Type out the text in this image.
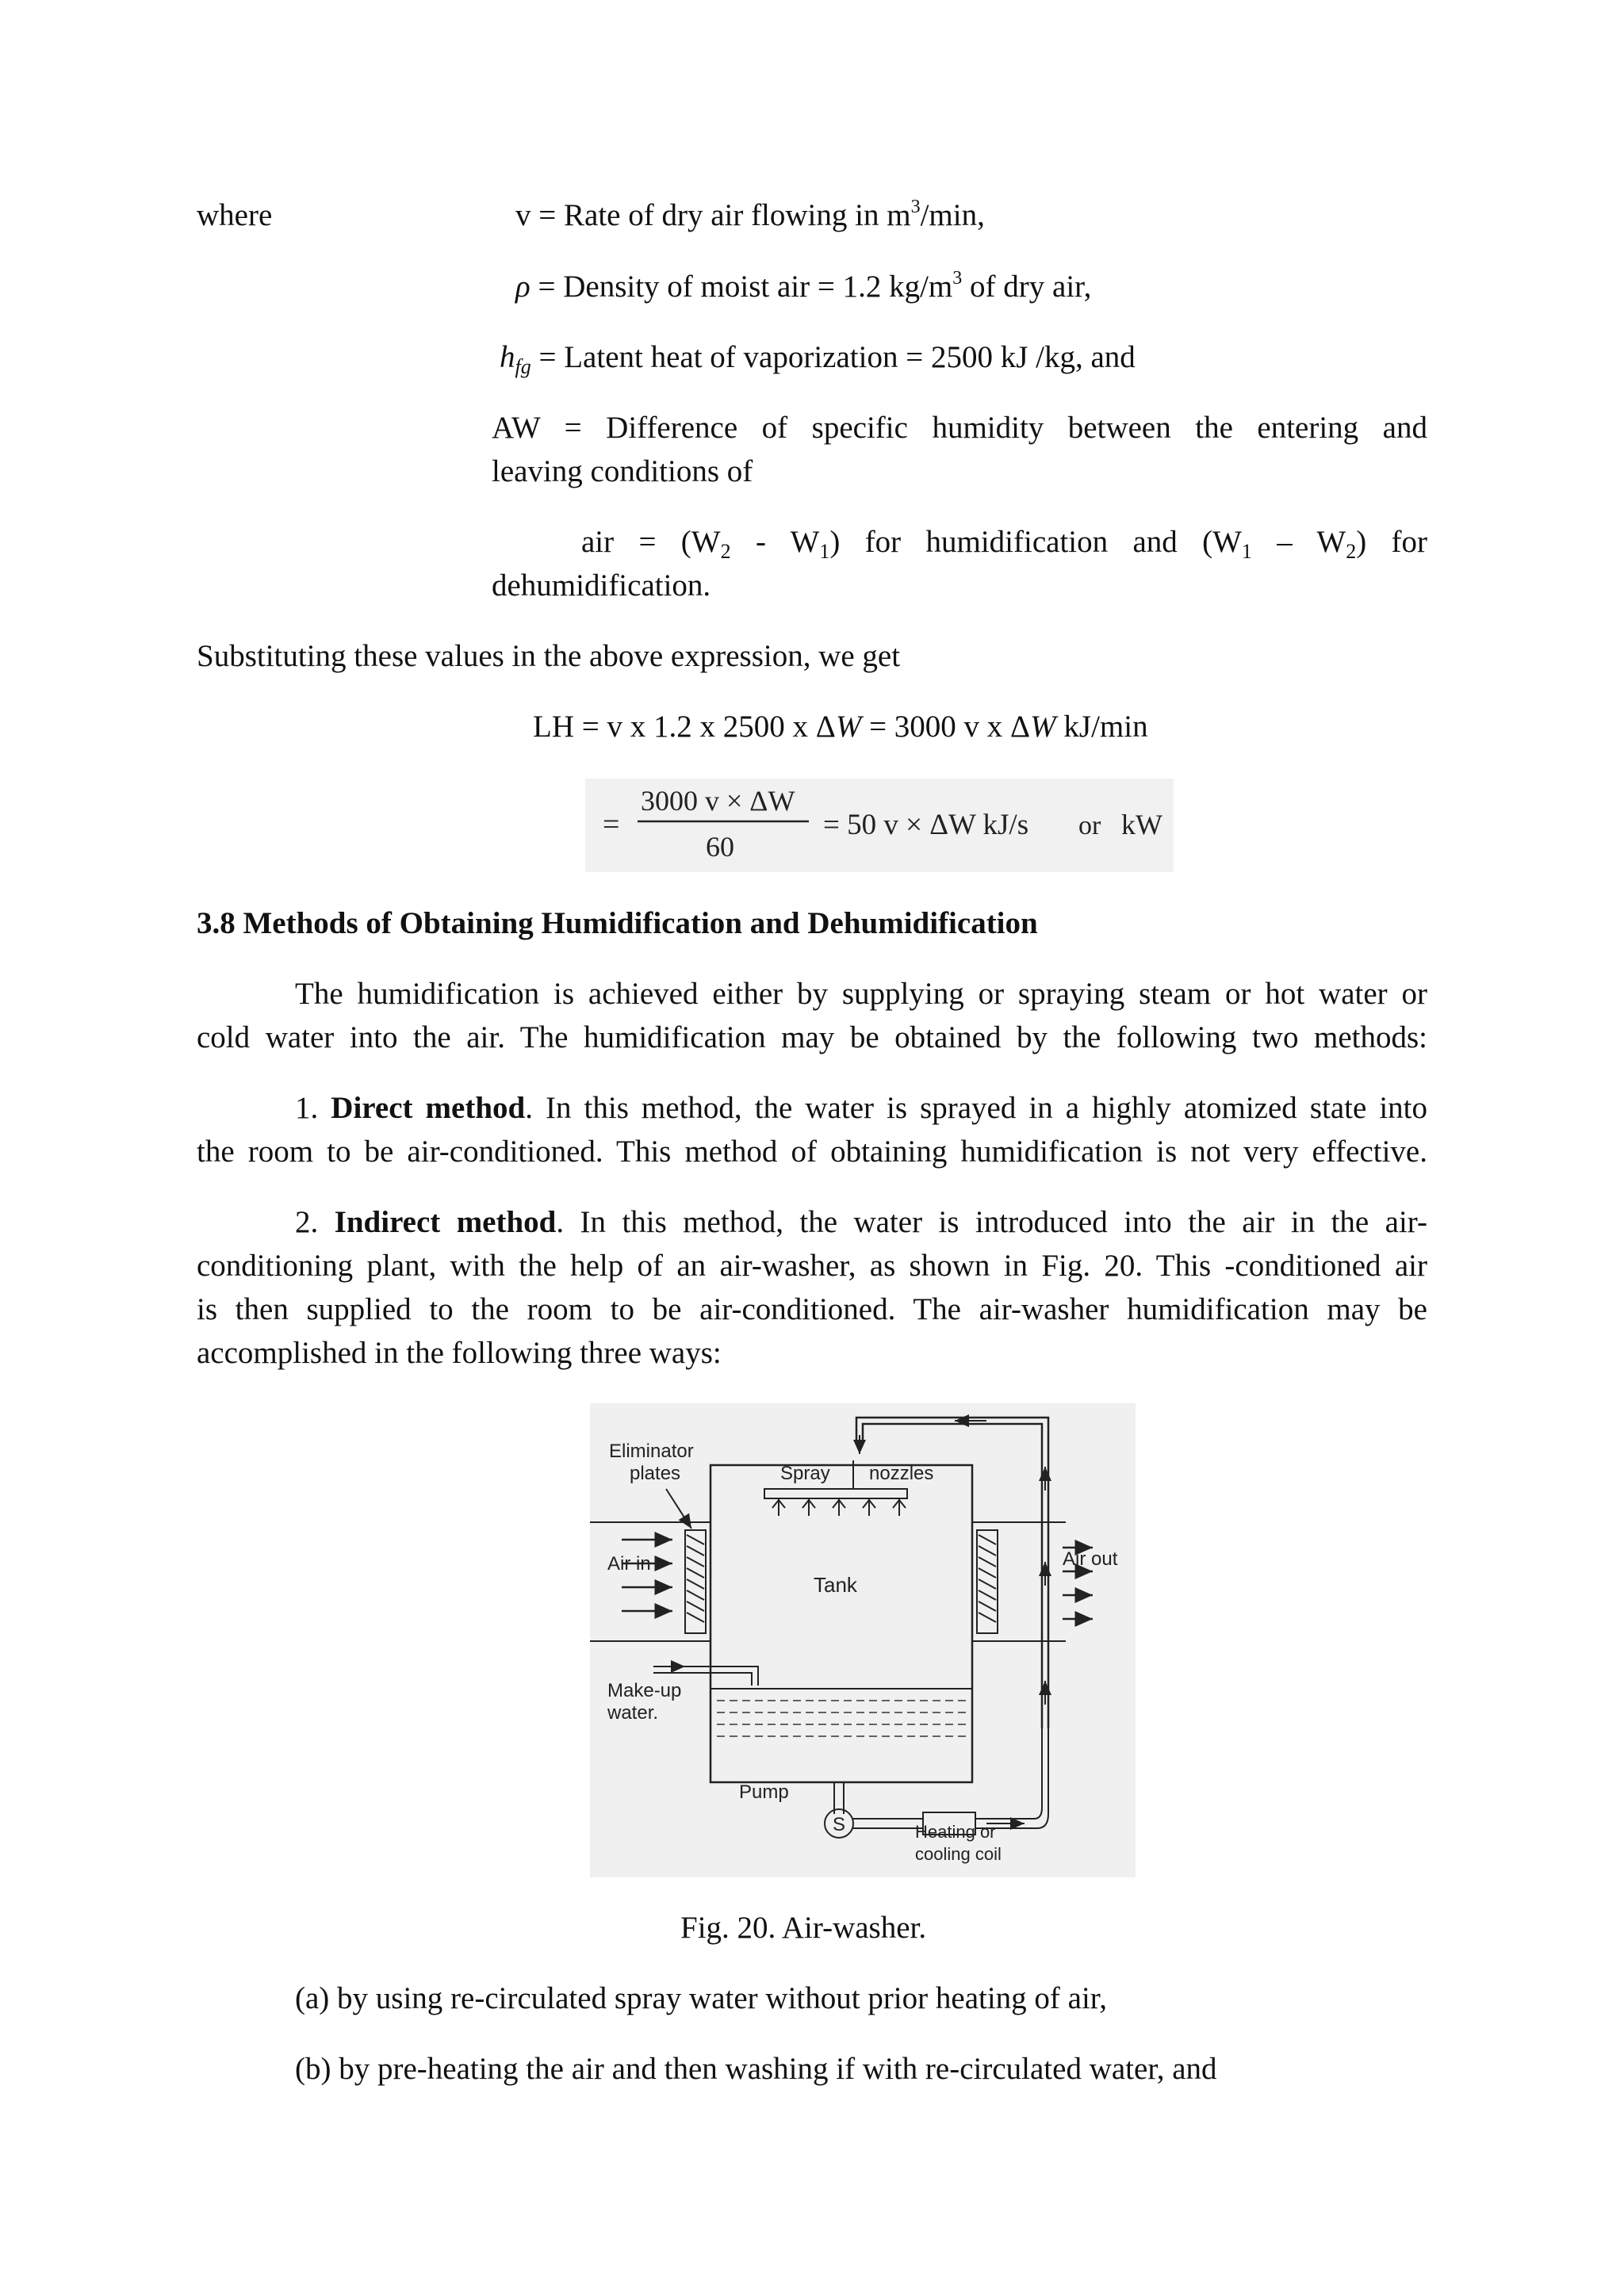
where	v = Rate of dry air flowing in $m^3/\min$,
ρ = Density of moist air = 1.2 $kg/m^3$ of dry air,
$h_{fg}$ = Latent heat of vaporization = 2500 kJ /kg, and
AW = Difference of specific humidity between the entering and
leaving conditions of
air = $(W_2 - W_1)$ for humidification and $(W_1 - W_2)$ for
dehumidification.
Substituting these values in the above expression, we get
LH = v x 1.2 x 2500 x ΔW = 3000 v x ΔW kJ/min
=
3000 v × ΔW
60
= 50 v × ΔW kJ/s or kW
3.8 Methods of Obtaining Humidification and Dehumidification
The humidification is achieved either by supplying or spraying steam or hot water or
cold water into the air. The humidification may be obtained by the following two methods:
1. Direct method. In this method, the water is sprayed in a highly atomized state into
the room to be air-conditioned. This method of obtaining humidification is not very effective.
2. Indirect method. In this method, the water is introduced into the air in the air-
conditioning plant, with the help of an air-washer, as shown in Fig. 20. This -conditioned air
is then supplied to the room to be air-conditioned. The air-washer humidification may be
accomplished in the following three ways:
S
Eliminator
plates	Spray nozzles
Air in
Tank
Air out
Make-up
water.
Pump
Heating or
cooling coil
Fig. 20. Air-washer.
(a) by using re-circulated spray water without prior heating of air,
(b) by pre-heating the air and then washing if with re-circulated water, and
